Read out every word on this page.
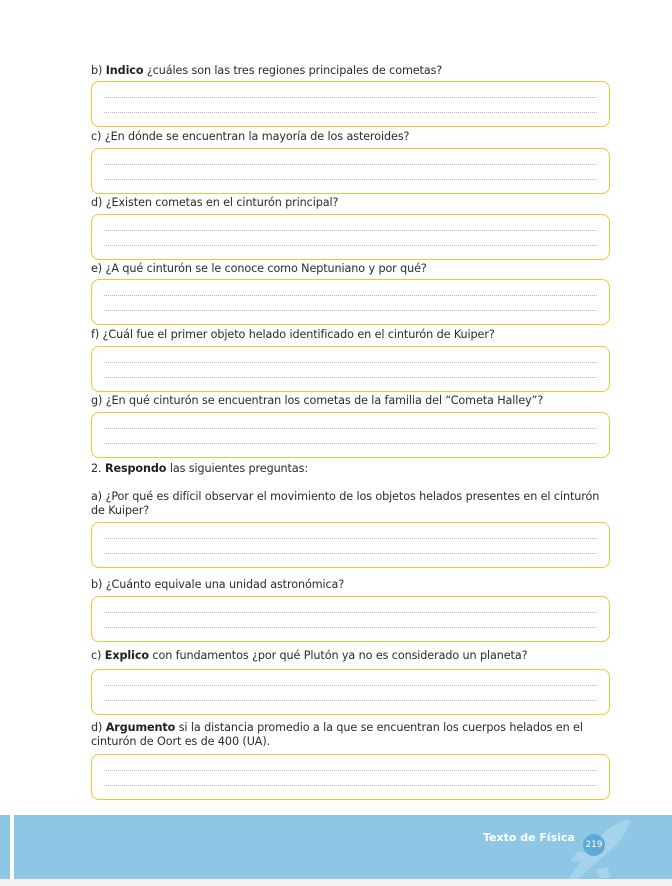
b) Indico ¿cuáles son las tres regiones principales de cometas?
c) ¿En dónde se encuentran la mayoría de los asteroides?
d) ¿Existen cometas en el cinturón principal?
e) ¿A qué cinturón se le conoce como Neptuniano y por qué?
f) ¿Cuál fue el primer objeto helado identificado en el cinturón de Kuiper?
g) ¿En qué cinturón se encuentran los cometas de la familia del “Cometa Halley”?
2. Respondo las siguientes preguntas:
a) ¿Por qué es difícil observar el movimiento de los objetos helados presentes en el cinturón de Kuiper?
b) ¿Cuánto equivale una unidad astronómica?
c) Explico con fundamentos ¿por qué Plutón ya no es considerado un planeta?
d) Argumento si la distancia promedio a la que se encuentran los cuerpos helados en el cinturón de Oort es de 400 (UA).
Texto de Física
219
